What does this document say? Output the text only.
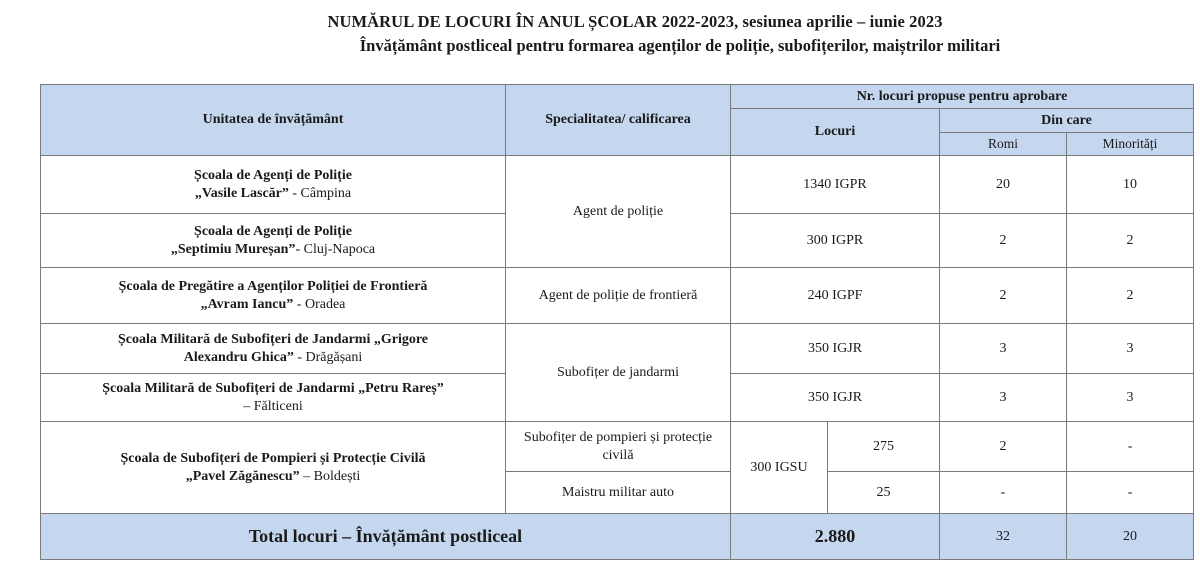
NUMĂRUL DE LOCURI ÎN ANUL ȘCOLAR 2022-2023, sesiunea aprilie – iunie 2023
Învățământ postliceal pentru formarea agenților de poliție, subofițerilor, maiștrilor militari
Unitatea de învățământ	Specialitatea/ calificarea	Nr. locuri propuse pentru aprobare			
		Locuri		Din care	
				Romi	Minorități
Școala de Agenți de Poliție
„Vasile Lascăr” - Câmpina	Agent de poliție	1340 IGPR		20	10
Școala de Agenți de Poliție
„Septimiu Mureșan”- Cluj-Napoca		300 IGPR		2	2
Școala de Pregătire a Agenților Poliției de Frontieră
„Avram Iancu” - Oradea	Agent de poliție de frontieră	240 IGPF		2	2
Școala Militară de Subofițeri de Jandarmi „Grigore
Alexandru Ghica” - Drăgășani	Subofițer de jandarmi	350 IGJR		3	3
Școala Militară de Subofițeri de Jandarmi „Petru Rareș”
– Fălticeni		350 IGJR		3	3
Școala de Subofițeri de Pompieri și Protecție Civilă
„Pavel Zăgănescu” – Boldești	Subofițer de pompieri și protecție civilă	300 IGSU	275	2	-
	Maistru militar auto		25	-	-
Total locuri – Învățământ postliceal		2.880		32	20
